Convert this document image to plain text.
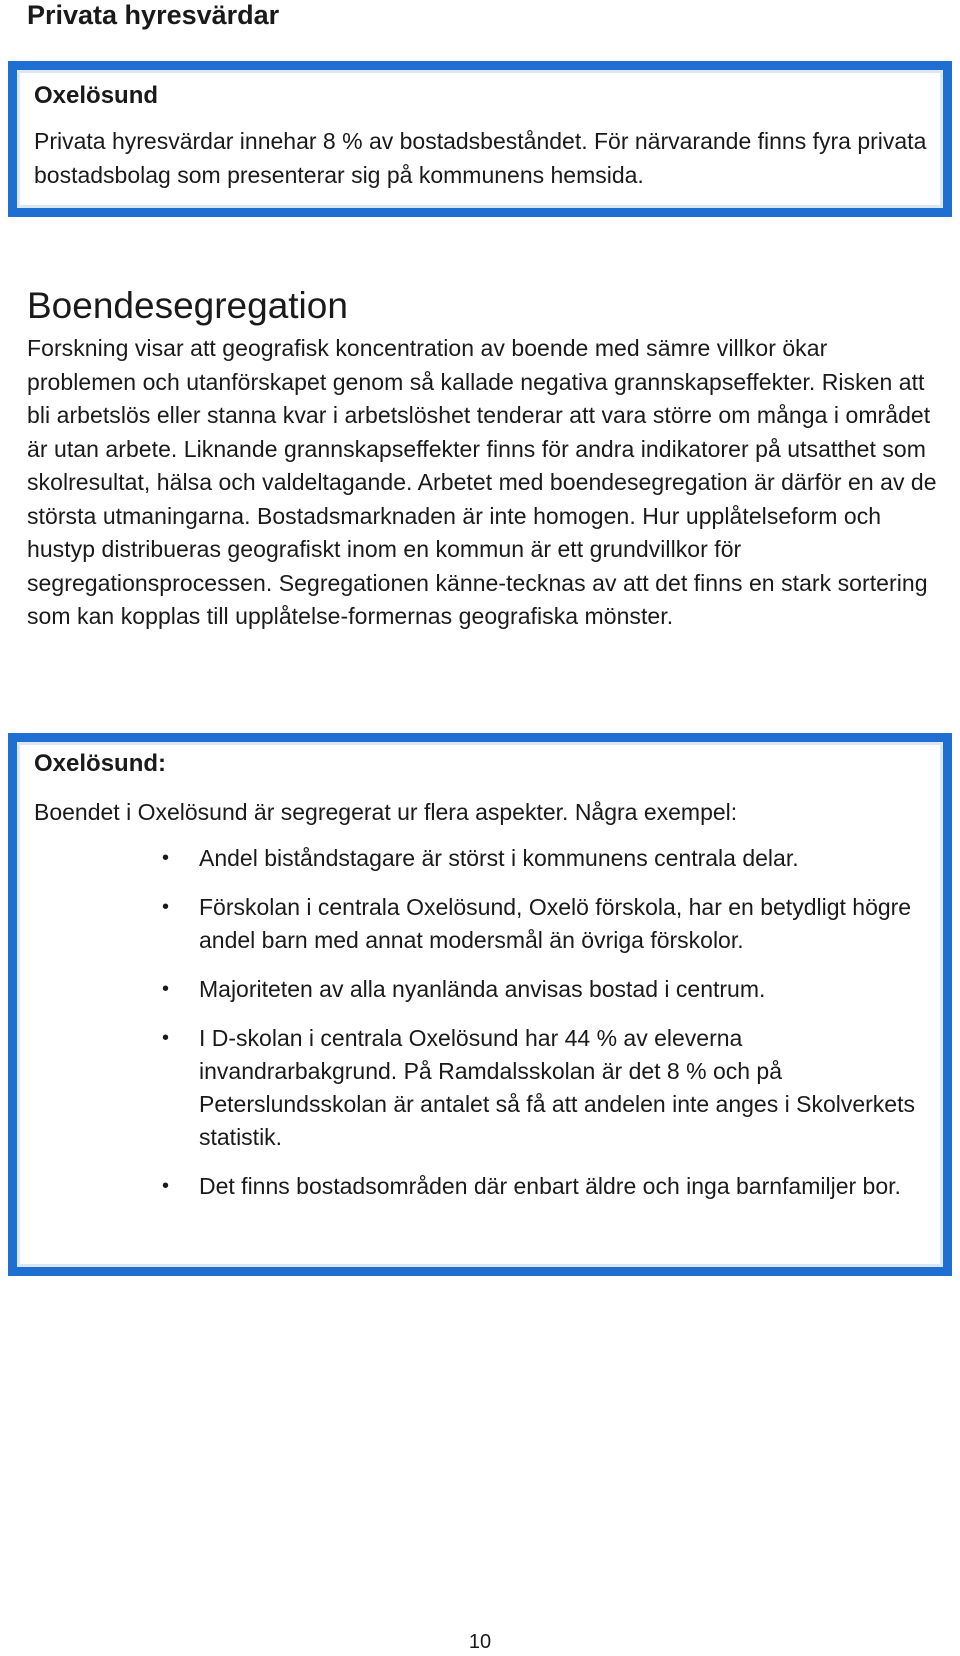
Privata hyresvärdar
Oxelösund

Privata hyresvärdar innehar 8 % av bostadsbeståndet. För närvarande finns fyra privata bostadsbolag som presenterar sig på kommunens hemsida.

Boendesegregation

Forskning visar att geografisk koncentration av boende med sämre villkor ökar problemen och utanförskapet genom så kallade negativa grannskapseffekter. Risken att bli arbetslös eller stanna kvar i arbetslöshet tenderar att vara större om många i området är utan arbete. Liknande grannskapseffekter finns för andra indikatorer på utsatthet som skolresultat, hälsa och valdeltagande. Arbetet med boendesegregation är därför en av de största utmaningarna. Bostadsmarknaden är inte homogen. Hur upplåtelseform och hustyp distribueras geografiskt inom en kommun är ett grundvillkor för segregationsprocessen. Segregationen känne-tecknas av att det finns en stark sortering som kan kopplas till upplåtelse-formernas geografiska mönster.

Oxelösund:

Boendet i Oxelösund är segregerat ur flera aspekter. Några exempel:

• Andel biståndstagare är störst i kommunens centrala delar.
• Förskolan i centrala Oxelösund, Oxelö förskola, har en betydligt högre andel barn med annat modersmål än övriga förskolor.
• Majoriteten av alla nyanlända anvisas bostad i centrum.
• I D-skolan i centrala Oxelösund har 44 % av eleverna invandrarbakgrund. På Ramdalsskolan är det 8 % och på Peterslundsskolan är antalet så få att andelen inte anges i Skolverkets statistik.
• Det finns bostadsområden där enbart äldre och inga barnfamiljer bor.
10
